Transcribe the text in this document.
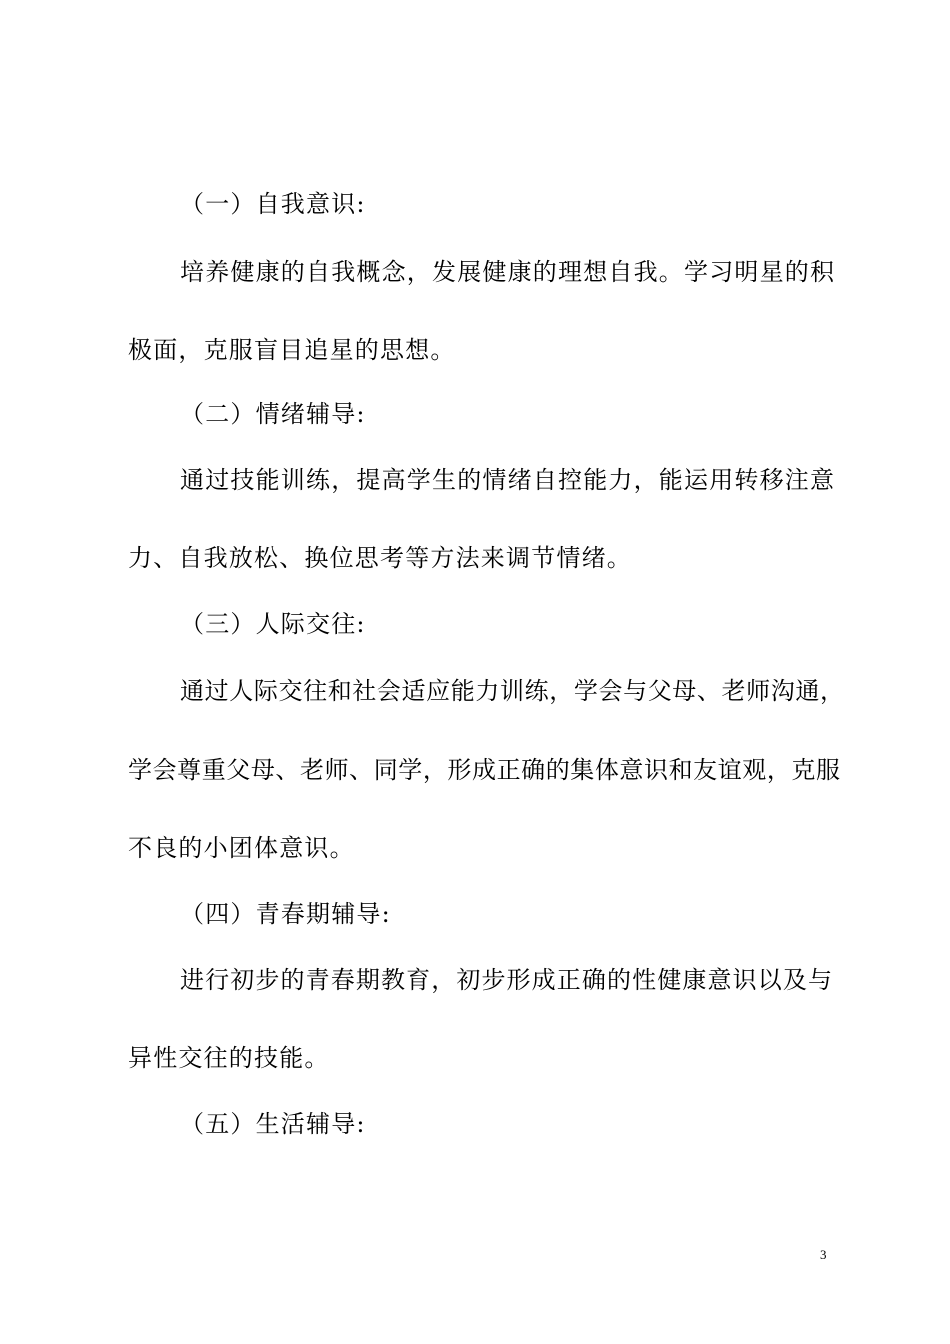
（一）自我意识:
培养健康的自我概念，发展健康的理想自我。学习明星的积
极面，克服盲目追星的思想。
（二）情绪辅导:
通过技能训练，提高学生的情绪自控能力，能运用转移注意
力、自我放松、换位思考等方法来调节情绪。
（三）人际交往:
通过人际交往和社会适应能力训练，学会与父母、老师沟通，
学会尊重父母、老师、同学，形成正确的集体意识和友谊观，克服
不良的小团体意识。
（四）青春期辅导:
进行初步的青春期教育，初步形成正确的性健康意识以及与
异性交往的技能。
（五）生活辅导:
3
